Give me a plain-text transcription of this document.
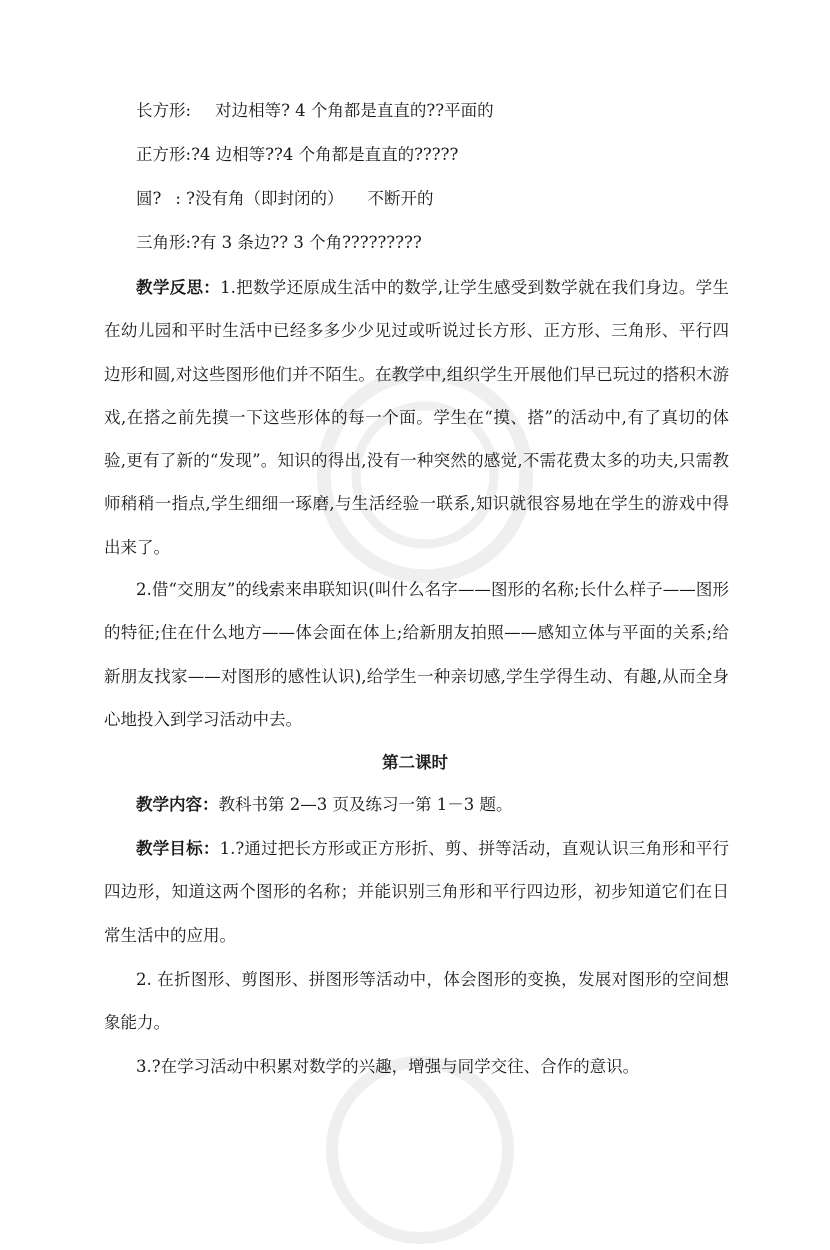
长方形: 对边相等? 4 个角都是直直的??平面的
正方形:?4 边相等??4 个角都是直直的?????
圆? : ?没有角（即封闭的） 不断开的
三角形:?有 3 条边?? 3 个角?????????

教学反思：1.把数学还原成生活中的数学,让学生感受到数学就在我们身边。学生在幼儿园和平时生活中已经多多少少见过或听说过长方形、正方形、三角形、平行四边形和圆,对这些图形他们并不陌生。在教学中,组织学生开展他们早已玩过的搭积木游戏,在搭之前先摸一下这些形体的每一个面。学生在“摸、搭”的活动中,有了真切的体验,更有了新的“发现”。知识的得出,没有一种突然的感觉,不需花费太多的功夫,只需教师稍稍一指点,学生细细一琢磨,与生活经验一联系,知识就很容易地在学生的游戏中得出来了。

2.借“交朋友”的线索来串联知识(叫什么名字——图形的名称;长什么样子——图形的特征;住在什么地方——体会面在体上;给新朋友拍照——感知立体与平面的关系;给新朋友找家——对图形的感性认识),给学生一种亲切感,学生学得生动、有趣,从而全身心地投入到学习活动中去。

第二课时

教学内容：教科书第 2—3 页及练习一第 1－3 题。

教学目标：1.?通过把长方形或正方形折、剪、拼等活动，直观认识三角形和平行四边形，知道这两个图形的名称；并能识别三角形和平行四边形，初步知道它们在日常生活中的应用。

2. 在折图形、剪图形、拼图形等活动中，体会图形的变换，发展对图形的空间想象能力。

3.?在学习活动中积累对数学的兴趣，增强与同学交往、合作的意识。
